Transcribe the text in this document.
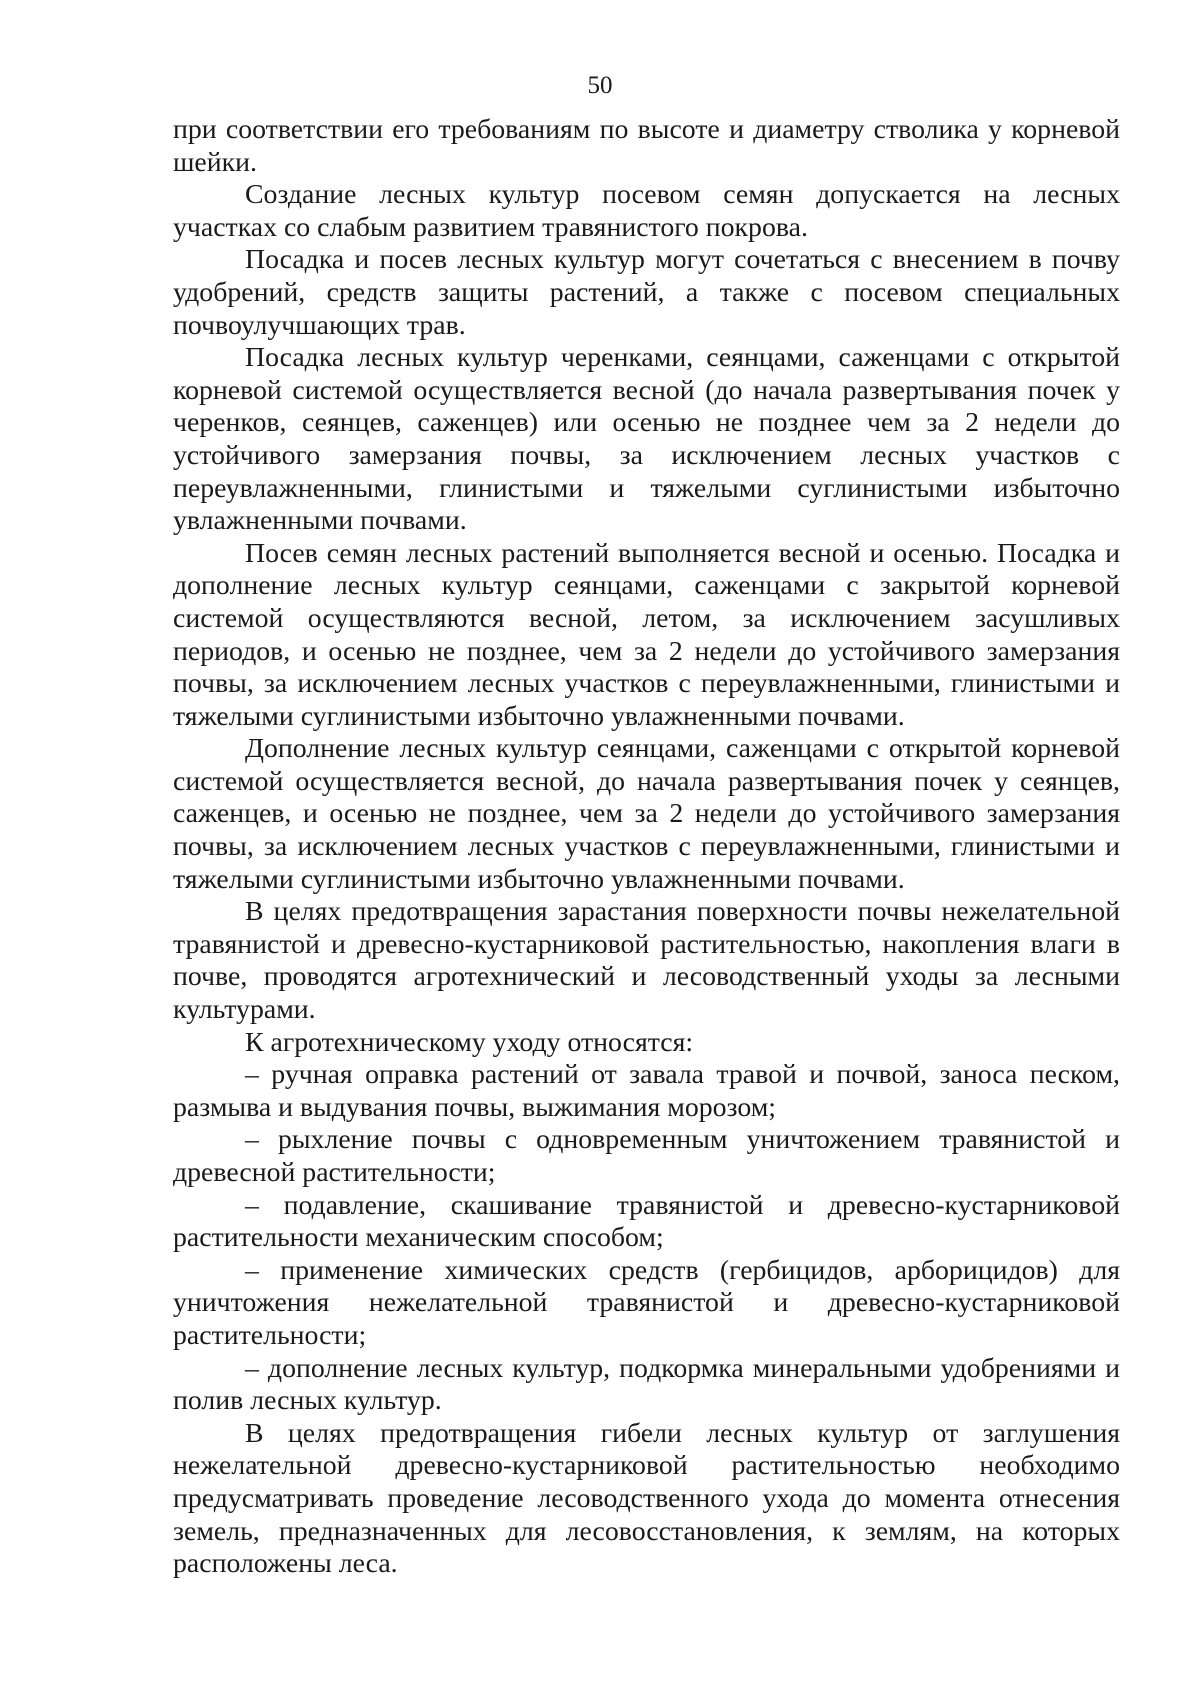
50

при соответствии его требованиям по высоте и диаметру стволика у корневой шейки.

Создание лесных культур посевом семян допускается на лесных участках со слабым развитием травянистого покрова.

Посадка и посев лесных культур могут сочетаться с внесением в почву удобрений, средств защиты растений, а также с посевом специальных почвоулучшающих трав.

Посадка лесных культур черенками, сеянцами, саженцами с открытой корневой системой осуществляется весной (до начала развертывания почек у черенков, сеянцев, саженцев) или осенью не позднее чем за 2 недели до устойчивого замерзания почвы, за исключением лесных участков с переувлажненными, глинистыми и тяжелыми суглинистыми избыточно увлажненными почвами.

Посев семян лесных растений выполняется весной и осенью. Посадка и дополнение лесных культур сеянцами, саженцами с закрытой корневой системой осуществляются весной, летом, за исключением засушливых периодов, и осенью не позднее, чем за 2 недели до устойчивого замерзания почвы, за исключением лесных участков с переувлажненными, глинистыми и тяжелыми суглинистыми избыточно увлажненными почвами.

Дополнение лесных культур сеянцами, саженцами с открытой корневой системой осуществляется весной, до начала развертывания почек у сеянцев, саженцев, и осенью не позднее, чем за 2 недели до устойчивого замерзания почвы, за исключением лесных участков с переувлажненными, глинистыми и тяжелыми суглинистыми избыточно увлажненными почвами.

В целях предотвращения зарастания поверхности почвы нежелательной травянистой и древесно-кустарниковой растительностью, накопления влаги в почве, проводятся агротехнический и лесоводственный уходы за лесными культурами.

К агротехническому уходу относятся:

– ручная оправка растений от завала травой и почвой, заноса песком, размыва и выдувания почвы, выжимания морозом;

– рыхление почвы с одновременным уничтожением травянистой и древесной растительности;

– подавление, скашивание травянистой и древесно-кустарниковой растительности механическим способом;

– применение химических средств (гербицидов, арборицидов) для уничтожения нежелательной травянистой и древесно-кустарниковой растительности;

– дополнение лесных культур, подкормка минеральными удобрениями и полив лесных культур.

В целях предотвращения гибели лесных культур от заглушения нежелательной древесно-кустарниковой растительностью необходимо предусматривать проведение лесоводственного ухода до момента отнесения земель, предназначенных для лесовосстановления, к землям, на которых расположены леса.
